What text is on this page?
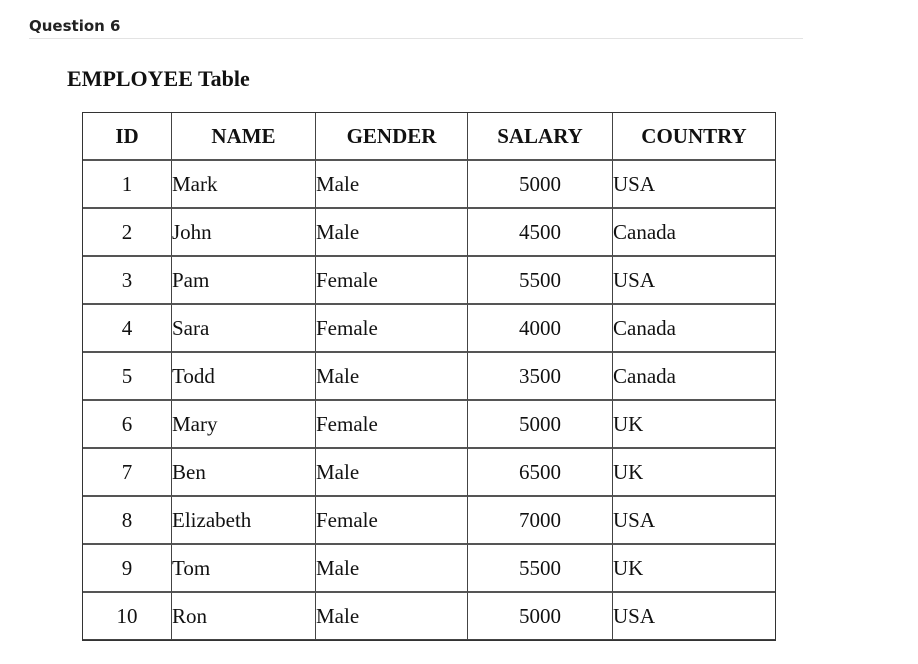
Question 6
EMPLOYEE Table
ID	NAME	GENDER	SALARY	COUNTRY
1	Mark	Male	5000	USA
2	John	Male	4500	Canada
3	Pam	Female	5500	USA
4	Sara	Female	4000	Canada
5	Todd	Male	3500	Canada
6	Mary	Female	5000	UK
7	Ben	Male	6500	UK
8	Elizabeth	Female	7000	USA
9	Tom	Male	5500	UK
10	Ron	Male	5000	USA
